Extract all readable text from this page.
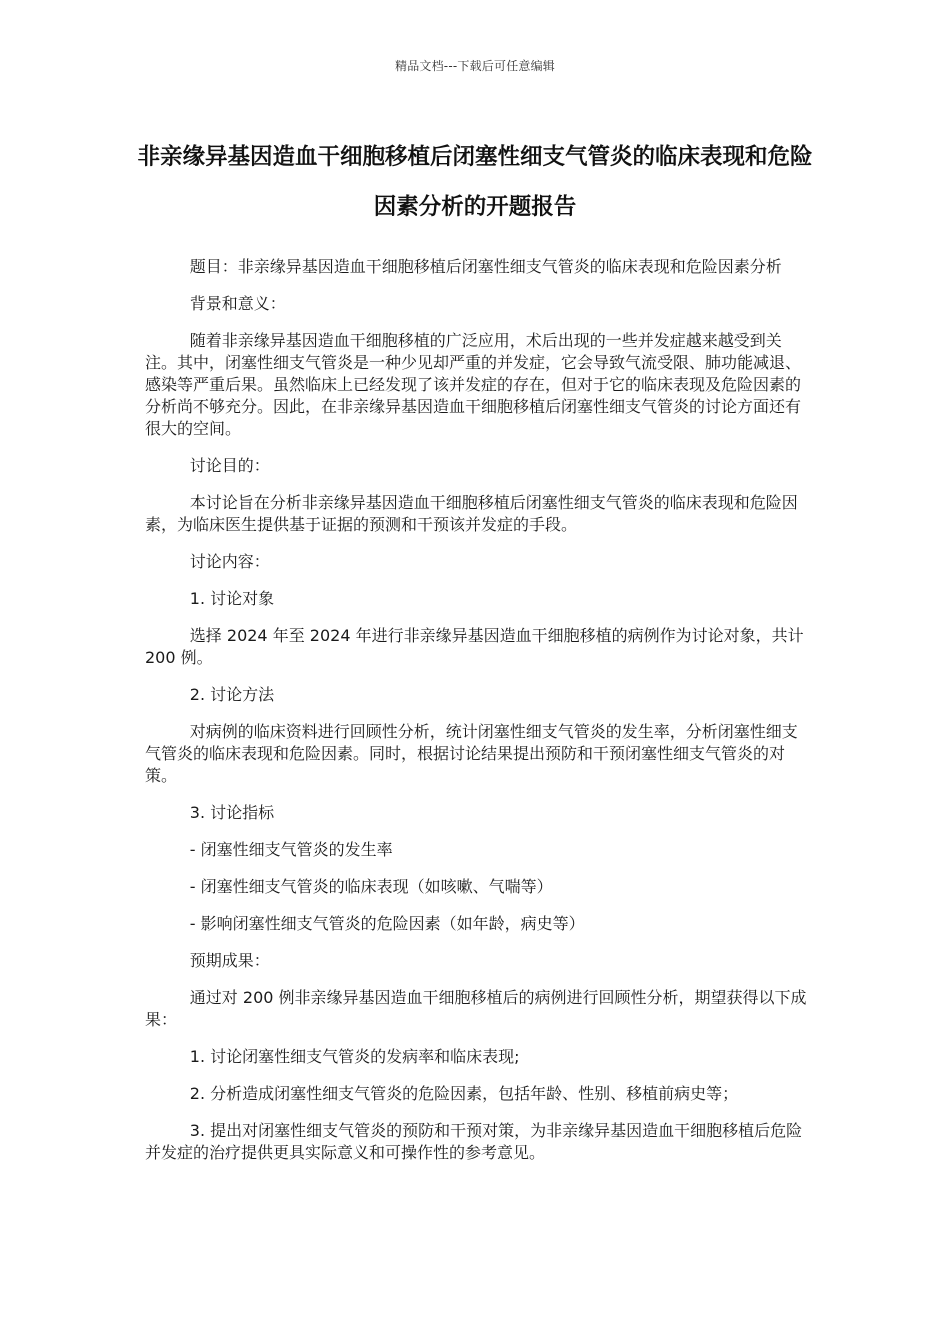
精品文档---下载后可任意编辑
非亲缘异基因造血干细胞移植后闭塞性细支气管炎的临床表现和危险因素分析的开题报告

题目：非亲缘异基因造血干细胞移植后闭塞性细支气管炎的临床表现和危险因素分析

背景和意义：

随着非亲缘异基因造血干细胞移植的广泛应用，术后出现的一些并发症越来越受到关注。其中，闭塞性细支气管炎是一种少见却严重的并发症，它会导致气流受限、肺功能减退、感染等严重后果。虽然临床上已经发现了该并发症的存在，但对于它的临床表现及危险因素的分析尚不够充分。因此，在非亲缘异基因造血干细胞移植后闭塞性细支气管炎的讨论方面还有很大的空间。

讨论目的：

本讨论旨在分析非亲缘异基因造血干细胞移植后闭塞性细支气管炎的临床表现和危险因素，为临床医生提供基于证据的预测和干预该并发症的手段。

讨论内容：

1. 讨论对象

选择 2024 年至 2024 年进行非亲缘异基因造血干细胞移植的病例作为讨论对象，共计 200 例。

2. 讨论方法

对病例的临床资料进行回顾性分析，统计闭塞性细支气管炎的发生率，分析闭塞性细支气管炎的临床表现和危险因素。同时，根据讨论结果提出预防和干预闭塞性细支气管炎的对策。

3. 讨论指标

- 闭塞性细支气管炎的发生率

- 闭塞性细支气管炎的临床表现（如咳嗽、气喘等）

- 影响闭塞性细支气管炎的危险因素（如年龄，病史等）

预期成果：

通过对 200 例非亲缘异基因造血干细胞移植后的病例进行回顾性分析，期望获得以下成果：

1. 讨论闭塞性细支气管炎的发病率和临床表现;

2. 分析造成闭塞性细支气管炎的危险因素，包括年龄、性别、移植前病史等；

3. 提出对闭塞性细支气管炎的预防和干预对策，为非亲缘异基因造血干细胞移植后危险并发症的治疗提供更具实际意义和可操作性的参考意见。
